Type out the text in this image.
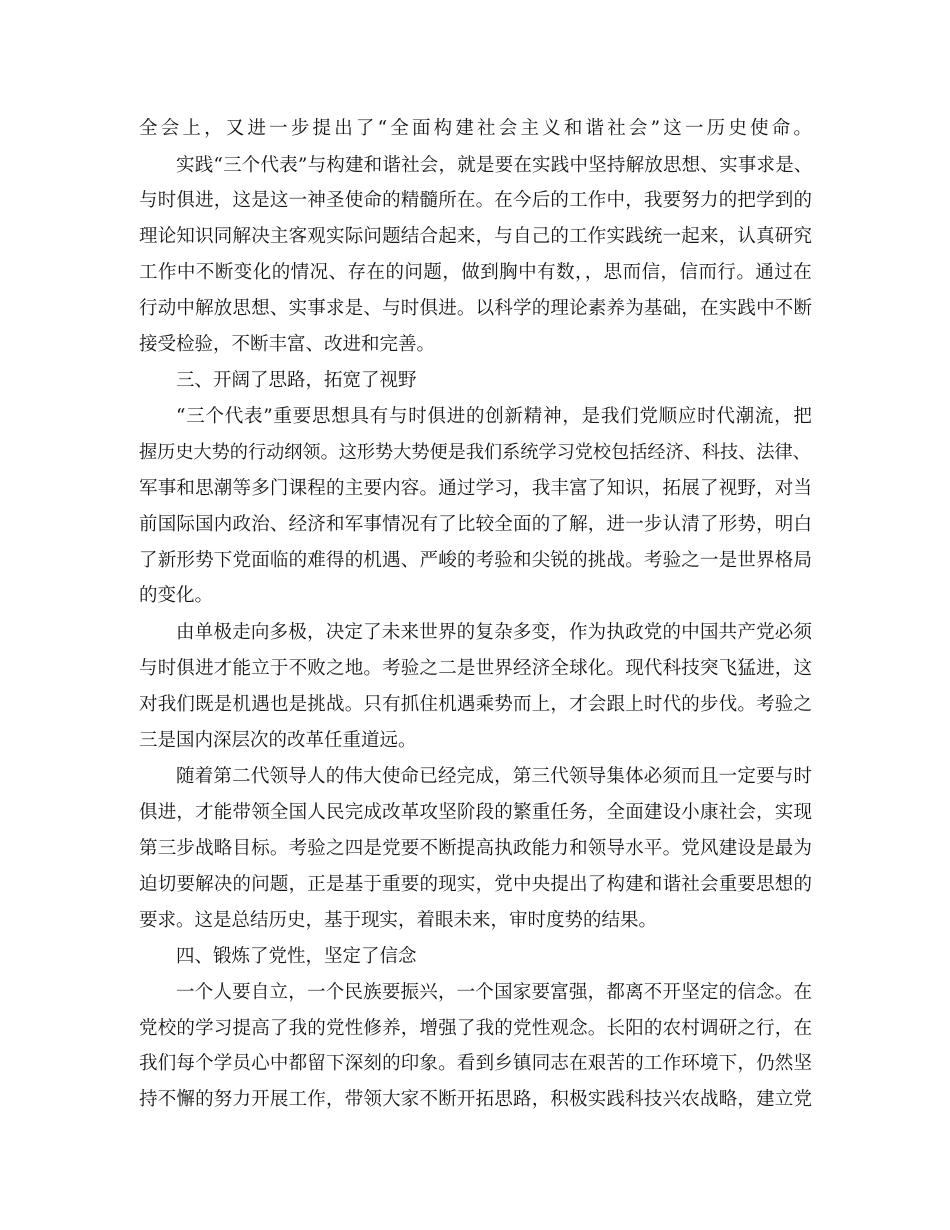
全会上，又进一步提出了“全面构建社会主义和谐社会”这一历史使命。
实践“三个代表”与构建和谐社会，就是要在实践中坚持解放思想、实事求是、
与时俱进，这是这一神圣使命的精髓所在。在今后的工作中，我要努力的把学到的
理论知识同解决主客观实际问题结合起来，与自己的工作实践统一起来，认真研究
工作中不断变化的情况、存在的问题，做到胸中有数，，思而信，信而行。通过在
行动中解放思想、实事求是、与时俱进。以科学的理论素养为基础，在实践中不断
接受检验，不断丰富、改进和完善。
三、开阔了思路，拓宽了视野
“三个代表”重要思想具有与时俱进的创新精神，是我们党顺应时代潮流，把
握历史大势的行动纲领。这形势大势便是我们系统学习党校包括经济、科技、法律、
军事和思潮等多门课程的主要内容。通过学习，我丰富了知识，拓展了视野，对当
前国际国内政治、经济和军事情况有了比较全面的了解，进一步认清了形势，明白
了新形势下党面临的难得的机遇、严峻的考验和尖锐的挑战。考验之一是世界格局
的变化。
由单极走向多极，决定了未来世界的复杂多变，作为执政党的中国共产党必须
与时俱进才能立于不败之地。考验之二是世界经济全球化。现代科技突飞猛进，这
对我们既是机遇也是挑战。只有抓住机遇乘势而上，才会跟上时代的步伐。考验之
三是国内深层次的改革任重道远。
随着第二代领导人的伟大使命已经完成，第三代领导集体必须而且一定要与时
俱进，才能带领全国人民完成改革攻坚阶段的繁重任务，全面建设小康社会，实现
第三步战略目标。考验之四是党要不断提高执政能力和领导水平。党风建设是最为
迫切要解决的问题，正是基于重要的现实，党中央提出了构建和谐社会重要思想的
要求。这是总结历史，基于现实，着眼未来，审时度势的结果。
四、锻炼了党性，坚定了信念
一个人要自立，一个民族要振兴，一个国家要富强，都离不开坚定的信念。在
党校的学习提高了我的党性修养，增强了我的党性观念。长阳的农村调研之行，在
我们每个学员心中都留下深刻的印象。看到乡镇同志在艰苦的工作环境下，仍然坚
持不懈的努力开展工作，带领大家不断开拓思路，积极实践科技兴农战略，建立党
